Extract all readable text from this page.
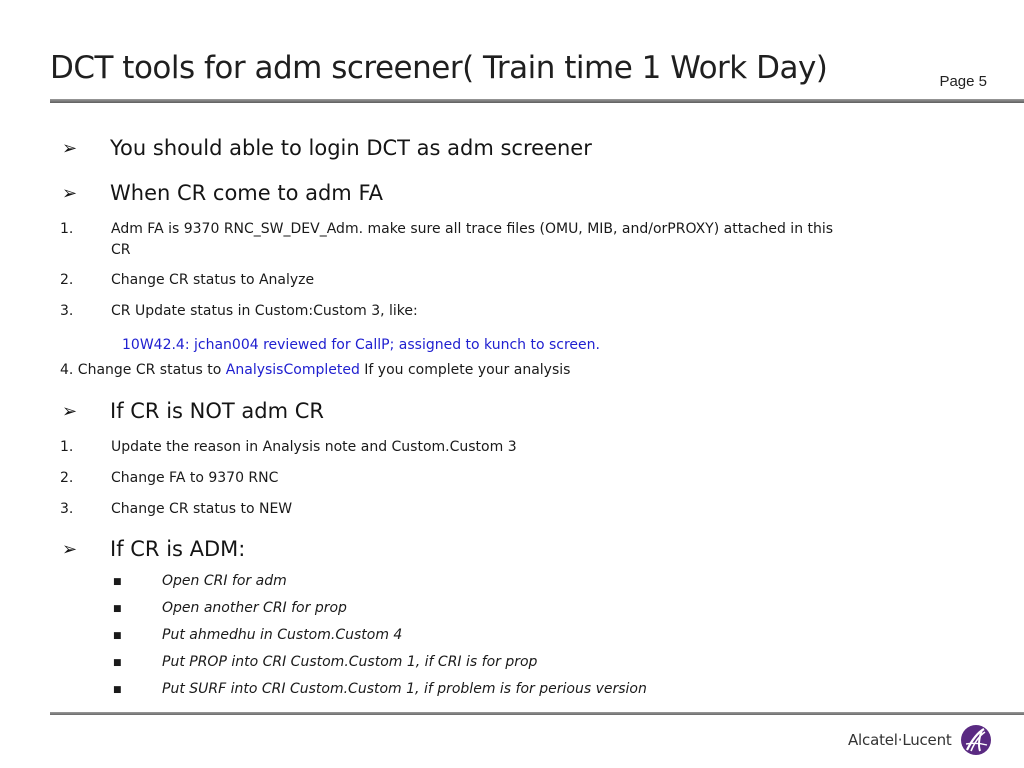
DCT tools for adm screener( Train time 1 Work Day)	Page 5
➢ You should able to login DCT as adm screener
➢ When CR come to adm FA
1.	Adm FA is 9370 RNC_SW_DEV_Adm. make sure all trace files (OMU, MIB, and/orPROXY) attached in this
CR
2.	Change CR status to Analyze
3.	CR Update status in Custom:Custom 3, like:
10W42.4: jchan004 reviewed for CallP; assigned to kunch to screen.
4. Change CR status to AnalysisCompleted If you complete your analysis
➢ If CR is NOT adm CR
1.	Update the reason in Analysis note and Custom.Custom 3
2.	Change FA to 9370 RNC
3.	Change CR status to NEW
➢ If CR is ADM:
■	Open CRI for adm
■	Open another CRI for prop
■	Put ahmedhu in Custom.Custom 4
■	Put PROP into CRI Custom.Custom 1, if CRI is for prop
■	Put SURF into CRI Custom.Custom 1, if problem is for perious version
Alcatel·Lucent
